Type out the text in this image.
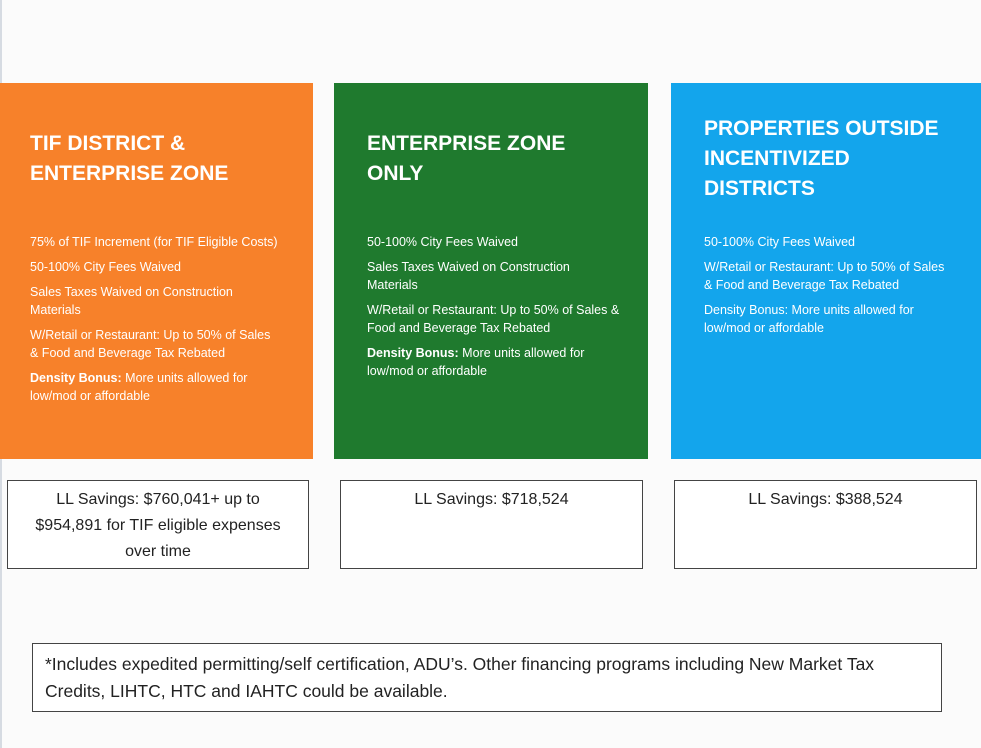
TIF DISTRICT &
ENTERPRISE ZONE
75% of TIF Increment (for TIF Eligible Costs)
50-100% City Fees Waived
Sales Taxes Waived on Construction Materials
W/Retail or Restaurant: Up to 50% of Sales & Food and Beverage Tax Rebated
Density Bonus: More units allowed for low/mod or affordable
ENTERPRISE ZONE
ONLY
50-100% City Fees Waived
Sales Taxes Waived on Construction Materials
W/Retail or Restaurant: Up to 50% of Sales & Food and Beverage Tax Rebated
Density Bonus: More units allowed for low/mod or affordable
PROPERTIES OUTSIDE
INCENTIVIZED
DISTRICTS
50-100% City Fees Waived
W/Retail or Restaurant: Up to 50% of Sales & Food and Beverage Tax Rebated
Density Bonus: More units allowed for low/mod or affordable
LL Savings: $760,041+ up to $954,891 for TIF eligible expenses over time
LL Savings: $718,524	LL Savings: $388,524
*Includes expedited permitting/self certification, ADU’s. Other financing programs including New Market Tax Credits, LIHTC, HTC and IAHTC could be available.
